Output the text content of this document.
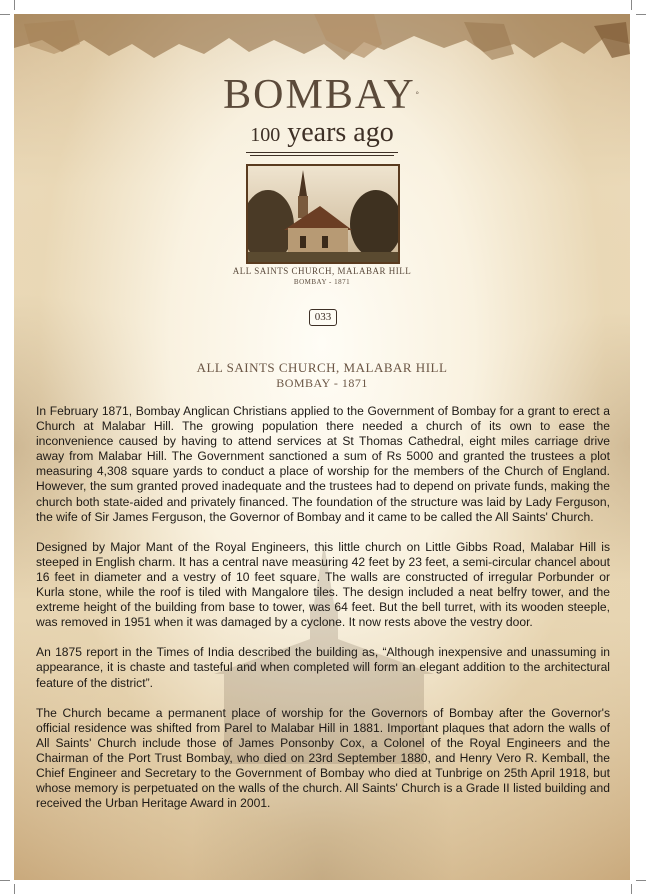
BOMBAY°
100 years ago
ALL SAINTS CHURCH, MALABAR HILL
BOMBAY - 1871
033
ALL SAINTS CHURCH, MALABAR HILL
BOMBAY - 1871

In February 1871, Bombay Anglican Christians applied to the Government of Bombay for a grant to erect a Church at Malabar Hill. The growing population there needed a church of its own to ease the inconvenience caused by having to attend services at St Thomas Cathedral, eight miles carriage drive away from Malabar Hill. The Government sanctioned a sum of Rs 5000 and granted the trustees a plot measuring 4,308 square yards to conduct a place of worship for the members of the Church of England. However, the sum granted proved inadequate and the trustees had to depend on private funds, making the church both state-aided and privately financed. The foundation of the structure was laid by Lady Ferguson, the wife of Sir James Ferguson, the Governor of Bombay and it came to be called the All Saints' Church.

Designed by Major Mant of the Royal Engineers, this little church on Little Gibbs Road, Malabar Hill is steeped in English charm. It has a central nave measuring 42 feet by 23 feet, a semi-circular chancel about 16 feet in diameter and a vestry of 10 feet square. The walls are constructed of irregular Porbunder or Kurla stone, while the roof is tiled with Mangalore tiles. The design included a neat belfry tower, and the extreme height of the building from base to tower, was 64 feet. But the bell turret, with its wooden steeple, was removed in 1951 when it was damaged by a cyclone. It now rests above the vestry door.

An 1875 report in the Times of India described the building as, “Although inexpensive and unassuming in appearance, it is chaste and tasteful and when completed will form an elegant addition to the architectural feature of the district”.

The Church became a permanent place of worship for the Governors of Bombay after the Governor's official residence was shifted from Parel to Malabar Hill in 1881. Important plaques that adorn the walls of All Saints' Church include those of James Ponsonby Cox, a Colonel of the Royal Engineers and the Chairman of the Port Trust Bombay, who died on 23rd September 1880, and Henry Vero R. Kemball, the Chief Engineer and Secretary to the Government of Bombay who died at Tunbrige on 25th April 1918, but whose memory is perpetuated on the walls of the church. All Saints' Church is a Grade II listed building and received the Urban Heritage Award in 2001.
